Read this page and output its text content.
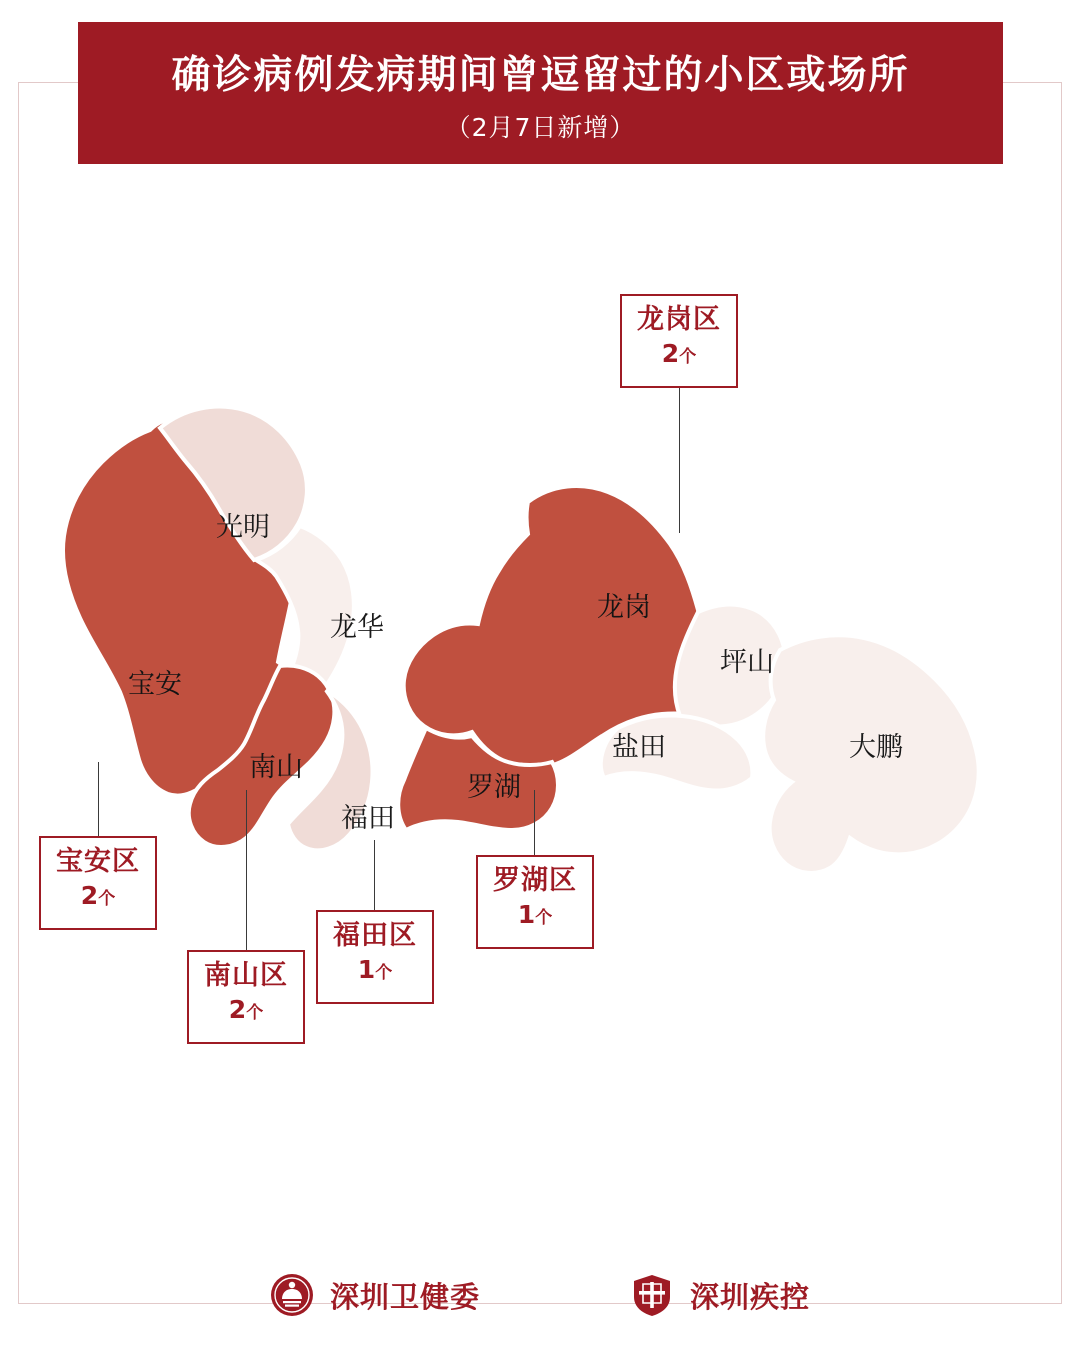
确诊病例发病期间曾逗留过的小区或场所
（2月7日新增）
光明
宝安
龙华
龙岗
坪山
大鹏
盐田
南山
福田
罗湖
龙岗区
2个
宝安区
2个
南山区
2个
福田区
1个
罗湖区
1个
深圳卫健委	深圳疾控
